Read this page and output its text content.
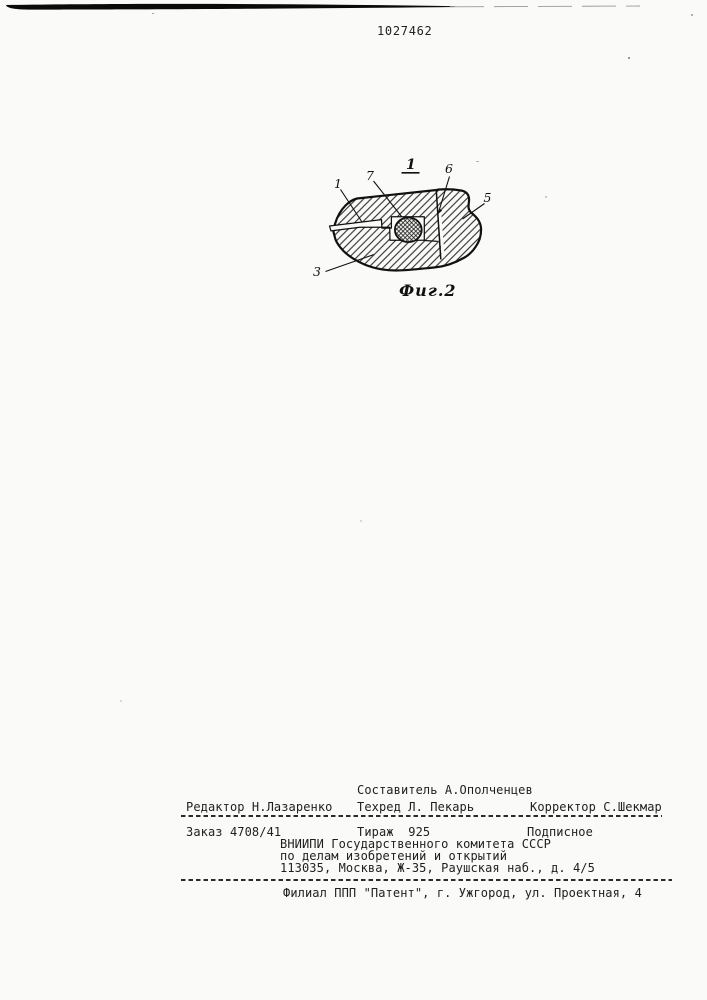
1027462
1
1
7	6
5
3
Фиг.2
Составитель А.Ополченцев
Редактор Н.Лазаренко Техред Л. Пекарь	Корректор С.Шекмар
Заказ 4708/41	Тираж  925	Подписное
ВНИИПИ Государственного комитета СССР
по делам изобретений и открытий
113035, Москва, Ж-35, Раушская наб., д. 4/5
Филиал ППП "Патент", г. Ужгород, ул. Проектная, 4
